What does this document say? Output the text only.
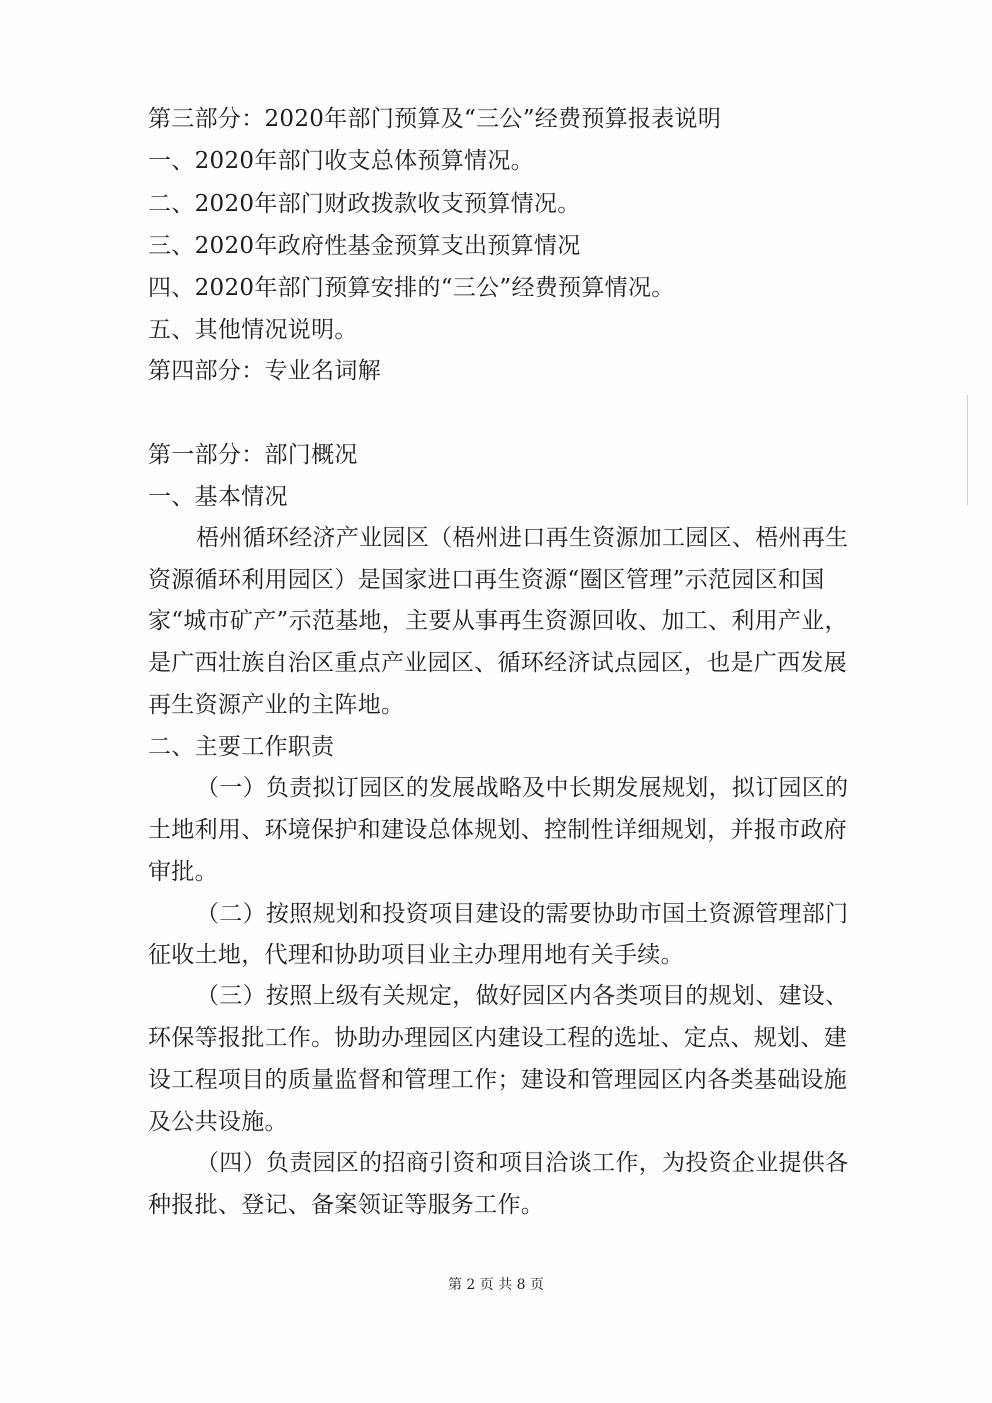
第三部分：2020年部门预算及“三公”经费预算报表说明
一、2020年部门收支总体预算情况。
二、2020年部门财政拨款收支预算情况。
三、2020年政府性基金预算支出预算情况
四、2020年部门预算安排的“三公”经费预算情况。
五、其他情况说明。
第四部分：专业名词解
第一部分：部门概况
一、基本情况
梧州循环经济产业园区（梧州进口再生资源加工园区、梧州再生
资源循环利用园区）是国家进口再生资源“圈区管理”示范园区和国
家“城市矿产”示范基地，主要从事再生资源回收、加工、利用产业，
是广西壮族自治区重点产业园区、循环经济试点园区，也是广西发展
再生资源产业的主阵地。
二、主要工作职责
（一）负责拟订园区的发展战略及中长期发展规划，拟订园区的
土地利用、环境保护和建设总体规划、控制性详细规划，并报市政府
审批。
（二）按照规划和投资项目建设的需要协助市国土资源管理部门
征收土地，代理和协助项目业主办理用地有关手续。
（三）按照上级有关规定，做好园区内各类项目的规划、建设、
环保等报批工作。协助办理园区内建设工程的选址、定点、规划、建
设工程项目的质量监督和管理工作；建设和管理园区内各类基础设施
及公共设施。
（四）负责园区的招商引资和项目洽谈工作，为投资企业提供各
种报批、登记、备案领证等服务工作。
第 2 页 共 8 页
